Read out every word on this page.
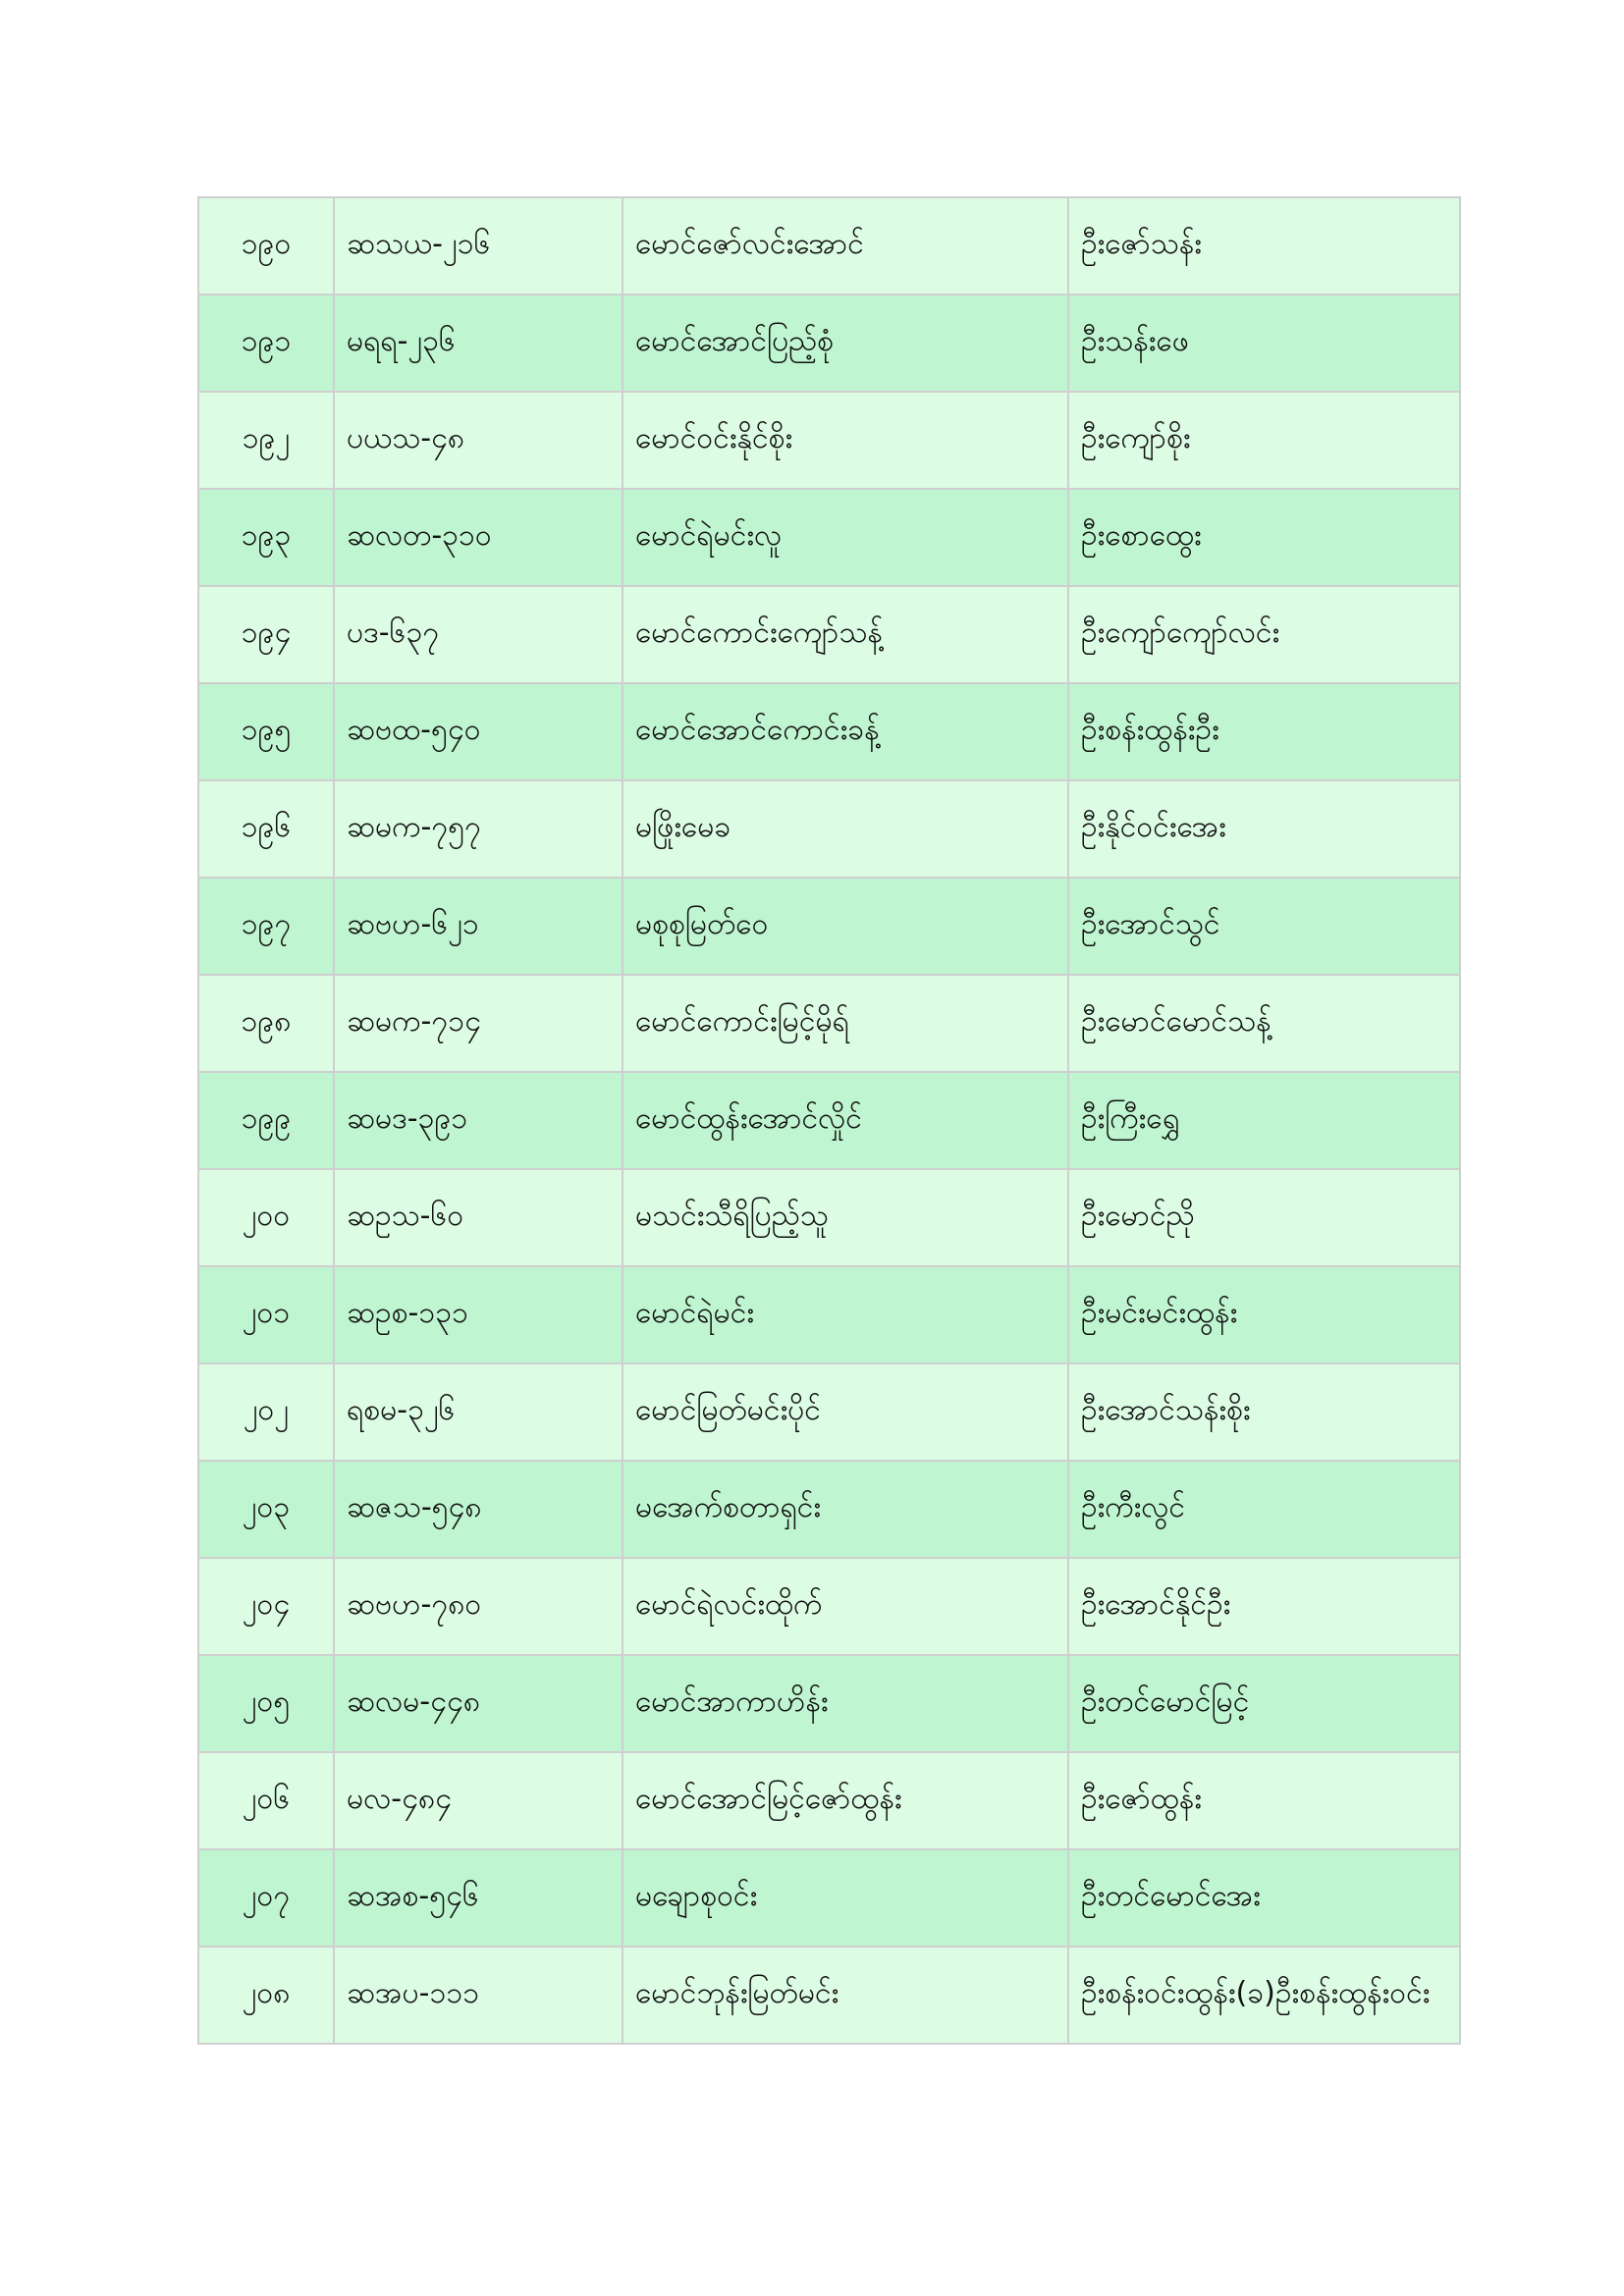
၁၉၀	ဆသယ-၂၁၆	မောင်ဇော်လင်းအောင်	ဦးဇော်သန်း
၁၉၁	မရရ-၂၃၆	မောင်အောင်ပြည့်စုံ	ဦးသန်းဖေ
၁၉၂	ပယသ-၄၈	မောင်ဝင်းနိုင်စိုး	ဦးကျော်စိုး
၁၉၃	ဆလတ-၃၁၀	မောင်ရဲမင်းလူ	ဦးစောထွေး
၁၉၄	ပဒ-၆၃၇	မောင်ကောင်းကျော်သန့်	ဦးကျော်ကျော်လင်း
၁၉၅	ဆဗထ-၅၄၀	မောင်အောင်ကောင်းခန့်	ဦးစန်းထွန်းဦး
၁၉၆	ဆမက-၇၅၇	မဖြိုးမေခ	ဦးနိုင်ဝင်းအေး
၁၉၇	ဆဗဟ-၆၂၁	မစုစုမြတ်ဝေ	ဦးအောင်သွင်
၁၉၈	ဆမက-၇၁၄	မောင်ကောင်းမြင့်မိုရ်	ဦးမောင်မောင်သန့်
၁၉၉	ဆမဒ-၃၉၁	မောင်ထွန်းအောင်လှိုင်	ဦးကြီးရွှေ
၂၀၀	ဆဥသ-၆၀	မသင်းသီရိပြည့်သူ	ဦးမောင်ညို
၂၀၁	ဆဥစ-၁၃၁	မောင်ရဲမင်း	ဦးမင်းမင်းထွန်း
၂၀၂	ရစမ-၃၂၆	မောင်မြတ်မင်းပိုင်	ဦးအောင်သန်းစိုး
၂၀၃	ဆဇသ-၅၄၈	မအေက်စတာရှင်း	ဦးကီးလွင်
၂၀၄	ဆဗဟ-၇၈၀	မောင်ရဲလင်းထိုက်	ဦးအောင်နိုင်ဦး
၂၀၅	ဆလမ-၄၄၈	မောင်အာကာဟိန်း	ဦးတင်မောင်မြင့်
၂၀၆	မလ-၄၈၄	မောင်အောင်မြင့်ဇော်ထွန်း	ဦးဇော်ထွန်း
၂၀၇	ဆအစ-၅၄၆	မချောစုဝင်း	ဦးတင်မောင်အေး
၂၀၈	ဆအပ-၁၁၁	မောင်ဘုန်းမြတ်မင်း	ဦးစန်းဝင်းထွန်း(ခ)ဦးစန်းထွန်းဝင်း
